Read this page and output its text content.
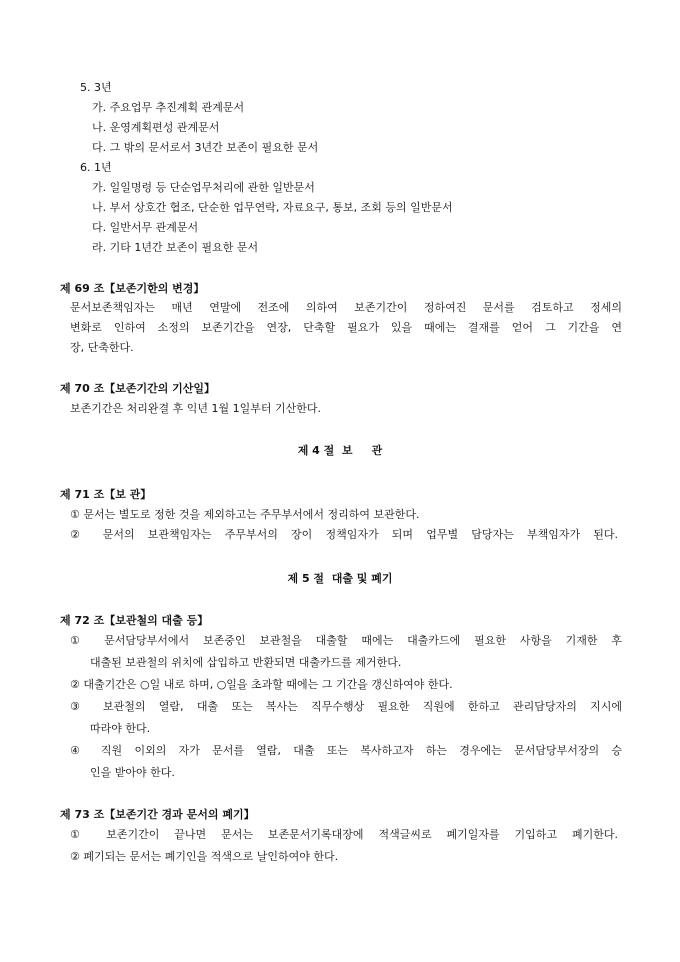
5. 3년
가. 주요업무 추진계획 관계문서
나. 운영계획편성 관계문서
다. 그 밖의 문서로서 3년간 보존이 필요한 문서
6. 1년
가. 일일명령 등 단순업무처리에 관한 일반문서
나. 부서 상호간 협조, 단순한 업무연락, 자료요구, 통보, 조회 등의 일반문서
다. 일반서무 관계문서
라. 기타 1년간 보존이 필요한 문서
제 69 조【보존기한의 변경】
문서보존책임자는 매년 연말에 전조에 의하여 보존기간이 정하여진 문서를 검토하고 정세의
변화로 인하여 소정의 보존기간을 연장, 단축할 필요가 있을 때에는 결재를 얻어 그 기간을 연
장, 단축한다.
제 70 조【보존기간의 기산일】
보존기간은 처리완결 후 익년 1월 1일부터 기산한다.
제 4 절  보     관
제 71 조【보 관】
① 문서는 별도로 정한 것을 제외하고는 주무부서에서 정리하여 보관한다.
② 문서의 보관책임자는 주무부서의 장이 정책임자가 되며 업무별 담당자는 부책임자가 된다.
제 5 절  대출 및 폐기
제 72 조【보관철의 대출 등】
① 문서담당부서에서 보존중인 보관철을 대출할 때에는 대출카드에 필요한 사항을 기재한 후
대출된 보관철의 위치에 삽입하고 반환되면 대출카드를 제거한다.
② 대출기간은 ○일 내로 하며, ○일을 초과할 때에는 그 기간을 갱신하여야 한다.
③ 보관철의 열람, 대출 또는 복사는 직무수행상 필요한 직원에 한하고 관리담당자의 지시에
따라야 한다.
④ 직원 이외의 자가 문서를 열람, 대출 또는 복사하고자 하는 경우에는 문서담당부서장의 승
인을 받아야 한다.
제 73 조【보존기간 경과 문서의 폐기】
① 보존기간이 끝나면 문서는 보존문서기록대장에 적색글씨로 폐기일자를 기입하고 폐기한다.
② 폐기되는 문서는 폐기인을 적색으로 날인하여야 한다.
